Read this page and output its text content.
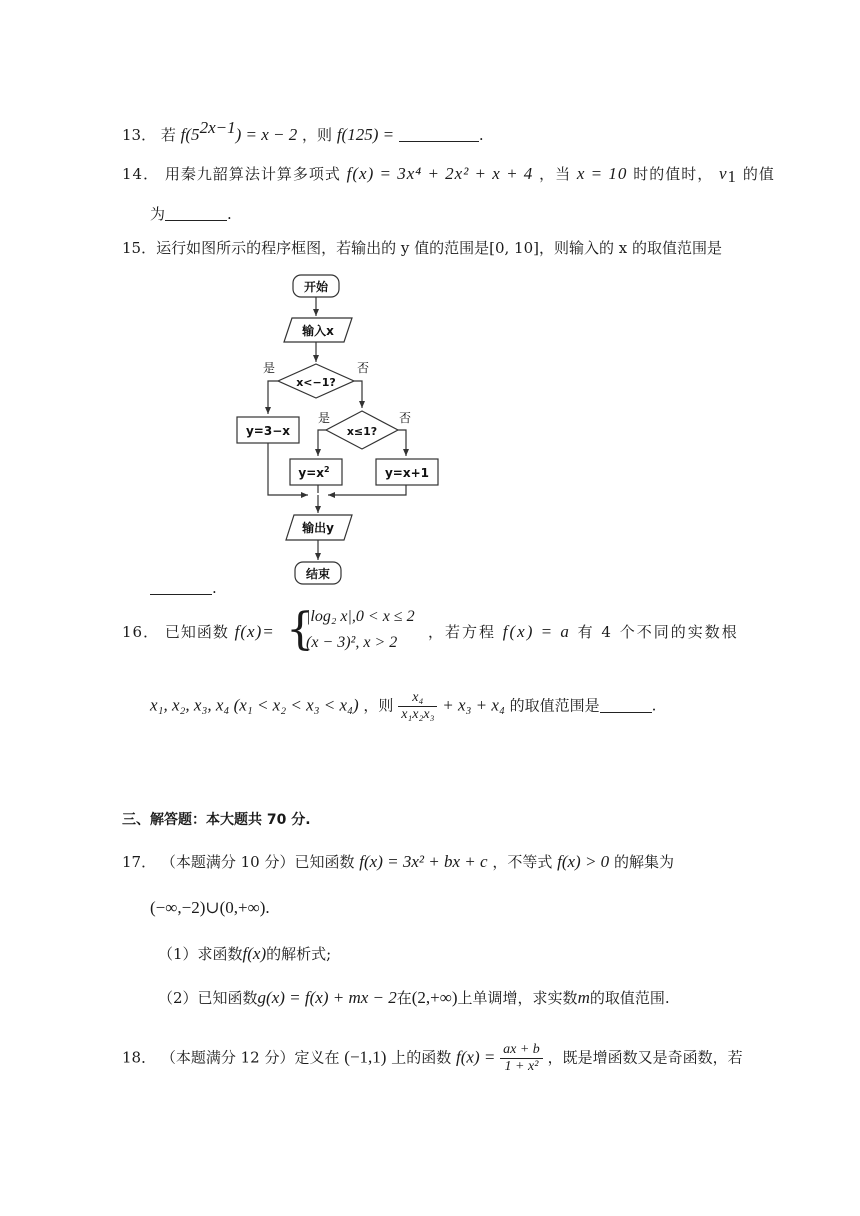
13． 若 $f(5^{2x-1}) = x - 2$ ，则 f(125) =	.
14． 用秦九韶算法计算多项式 f(x) = 3x⁴ + 2x² + x + 4 ，当 x = 10 时的值时， $v_1$ 的值
为	.
15．运行如图所示的程序框图，若输出的 y 值的范围是[0, 10]，则输入的 x 的取值范围是
开始
输入x
x<−1?
是	否
y=3−x	x≤1?
是	否
$y=x^2$	y=x+1
输出y
结束
.
16． 已知函数 f(x)= {
|log₂ x|,0 < x ≤ 2
(x − 3)², x > 2
，若方程 f(x) = a 有 4 个不同的实数根
x₁, x₂, x₃, x₄ (x₁ < x₂ < x₃ < x₄) ，则 $\frac{\text{x₄}}{\text{x₁x₂x₃}} + x_3 + x_4$ 的取值范围是	.
三、解答题：本大题共 70 分.
17． （本题满分 10 分）已知函数 f(x) = 3x² + bx + c ，不等式 f(x) > 0 的解集为
(−∞,−2)∪(0,+∞).
（1）求函数f(x)的解析式;
（2）已知函数g(x) = f(x) + mx − 2在(2,+∞)上单调增，求实数m的取值范围.
18． （本题满分 12 分）定义在 (−1,1) 上的函数 $f(x) = \frac{ax + b}{\text{1 + x²}}$ ，既是增函数又是奇函数，若
